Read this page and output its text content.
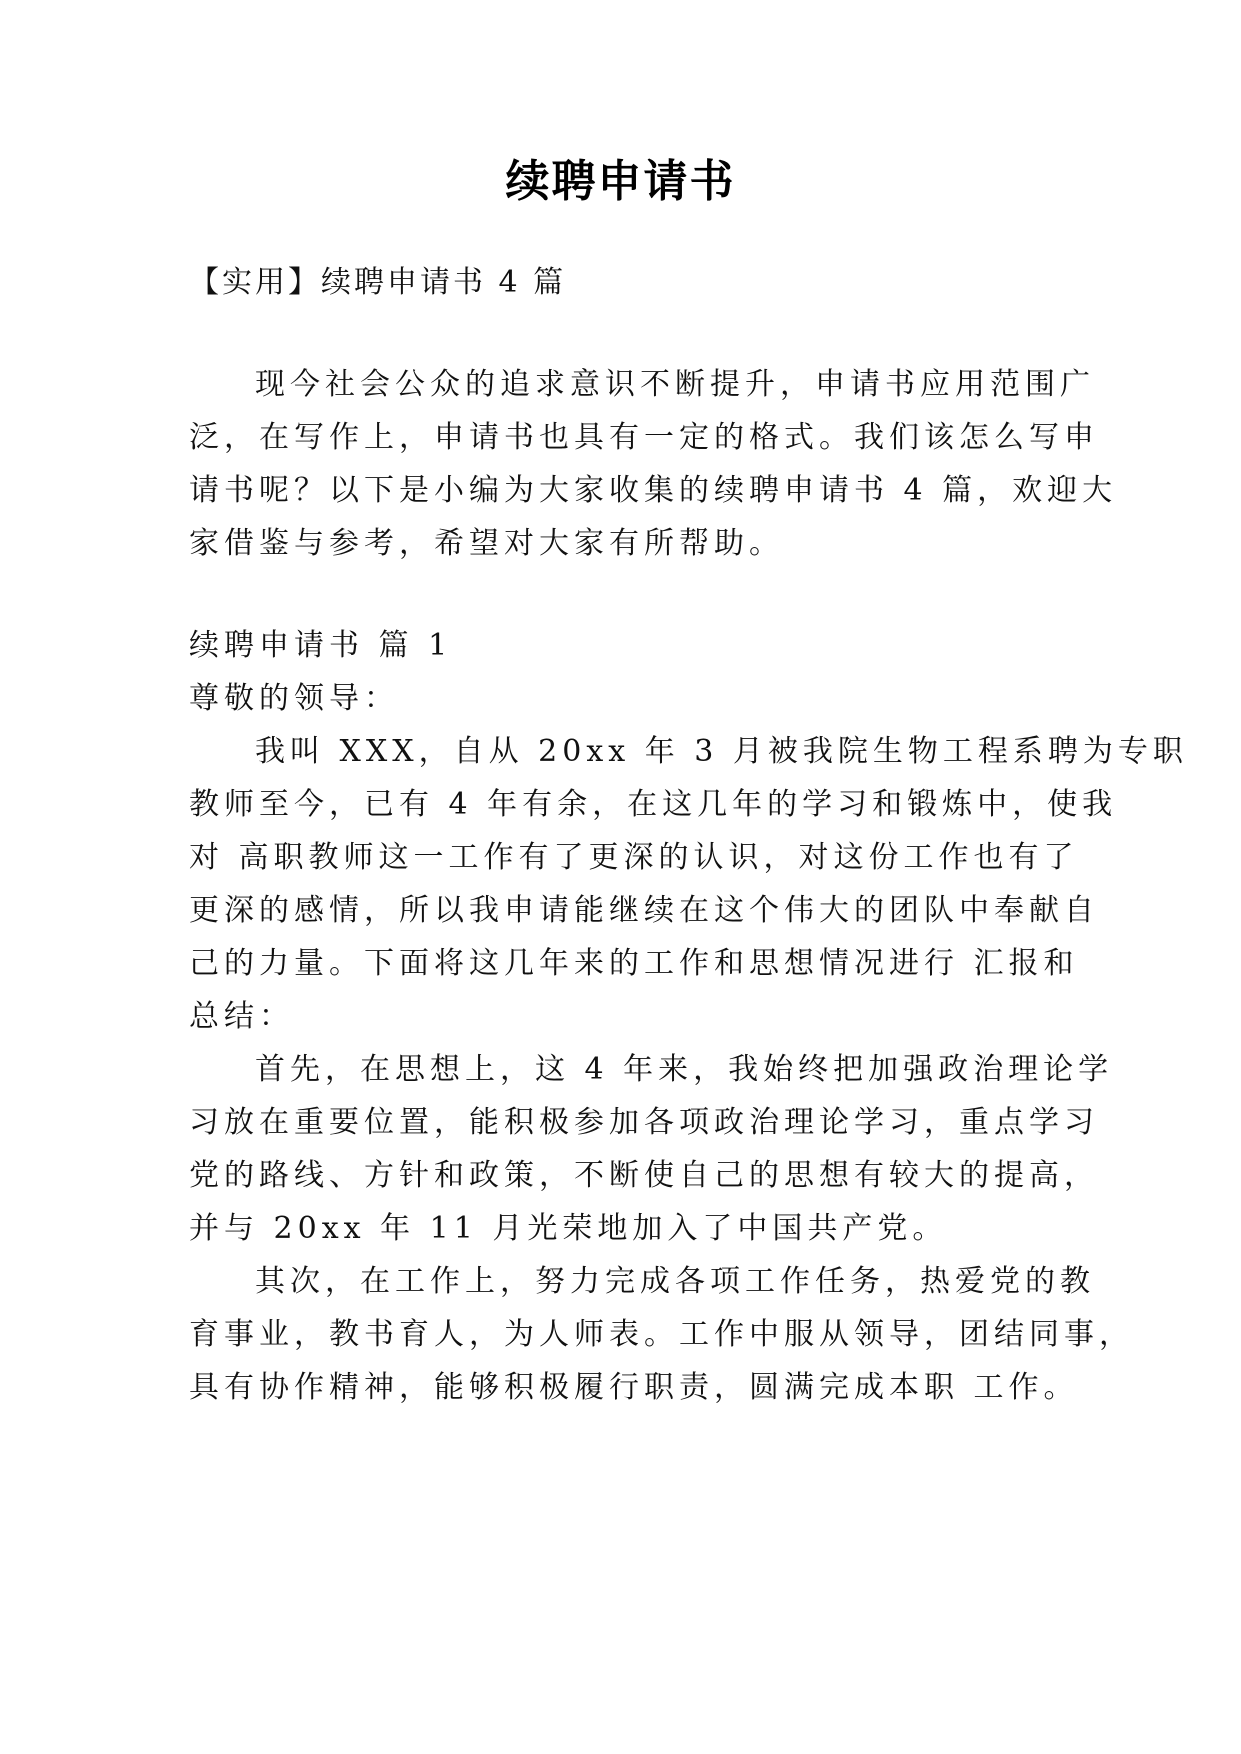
续聘申请书
【实用】续聘申请书 4 篇
现今社会公众的追求意识不断提升，申请书应用范围广
泛，在写作上，申请书也具有一定的格式。我们该怎么写申
请书呢？以下是小编为大家收集的续聘申请书 4 篇，欢迎大
家借鉴与参考，希望对大家有所帮助。
续聘申请书 篇 1
尊敬的领导：
我叫 XXX，自从 20xx 年 3 月被我院生物工程系聘为专职
教师至今，已有 4 年有余，在这几年的学习和锻炼中，使我
对 高职教师这一工作有了更深的认识，对这份工作也有了
更深的感情，所以我申请能继续在这个伟大的团队中奉献自
己的力量。下面将这几年来的工作和思想情况进行 汇报和
总结：
首先，在思想上，这 4 年来，我始终把加强政治理论学
习放在重要位置，能积极参加各项政治理论学习，重点学习
党的路线、方针和政策，不断使自己的思想有较大的提高，
并与 20xx 年 11 月光荣地加入了中国共产党。
其次，在工作上，努力完成各项工作任务，热爱党的教
育事业，教书育人，为人师表。工作中服从领导，团结同事，
具有协作精神，能够积极履行职责，圆满完成本职 工作。
